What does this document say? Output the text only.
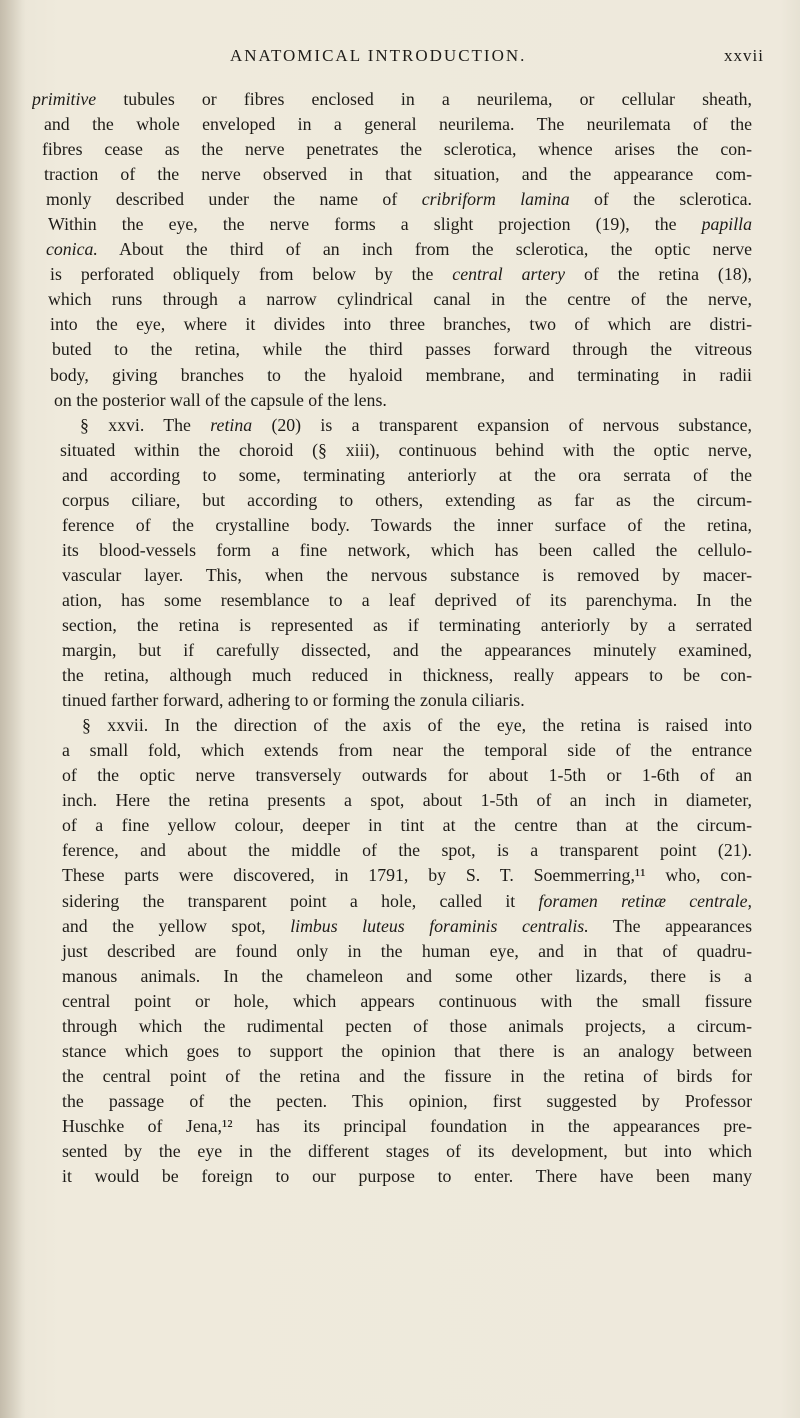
ANATOMICAL INTRODUCTION.	xxvii
primitive tubules or fibres enclosed in a neurilema, or cellular sheath,
and the whole enveloped in a general neurilema. The neurilemata of the
fibres cease as the nerve penetrates the sclerotica, whence arises the con-
traction of the nerve observed in that situation, and the appearance com-
monly described under the name of cribriform lamina of the sclerotica.
Within the eye, the nerve forms a slight projection (19), the papilla
conica. About the third of an inch from the sclerotica, the optic nerve
is perforated obliquely from below by the central artery of the retina (18),
which runs through a narrow cylindrical canal in the centre of the nerve,
into the eye, where it divides into three branches, two of which are distri-
buted to the retina, while the third passes forward through the vitreous
body, giving branches to the hyaloid membrane, and terminating in radii
on the posterior wall of the capsule of the lens.
§ xxvi. The retina (20) is a transparent expansion of nervous substance,
situated within the choroid (§ xiii), continuous behind with the optic nerve,
and according to some, terminating anteriorly at the ora serrata of the
corpus ciliare, but according to others, extending as far as the circum-
ference of the crystalline body. Towards the inner surface of the retina,
its blood-vessels form a fine network, which has been called the cellulo-
vascular layer. This, when the nervous substance is removed by macer-
ation, has some resemblance to a leaf deprived of its parenchyma. In the
section, the retina is represented as if terminating anteriorly by a serrated
margin, but if carefully dissected, and the appearances minutely examined,
the retina, although much reduced in thickness, really appears to be con-
tinued farther forward, adhering to or forming the zonula ciliaris.
§ xxvii. In the direction of the axis of the eye, the retina is raised into
a small fold, which extends from near the temporal side of the entrance
of the optic nerve transversely outwards for about 1-5th or 1-6th of an
inch. Here the retina presents a spot, about 1-5th of an inch in diameter,
of a fine yellow colour, deeper in tint at the centre than at the circum-
ference, and about the middle of the spot, is a transparent point (21).
These parts were discovered, in 1791, by S. T. Soemmerring,¹¹ who, con-
sidering the transparent point a hole, called it foramen retinæ centrale,
and the yellow spot, limbus luteus foraminis centralis. The appearances
just described are found only in the human eye, and in that of quadru-
manous animals. In the chameleon and some other lizards, there is a
central point or hole, which appears continuous with the small fissure
through which the rudimental pecten of those animals projects, a circum-
stance which goes to support the opinion that there is an analogy between
the central point of the retina and the fissure in the retina of birds for
the passage of the pecten. This opinion, first suggested by Professor
Huschke of Jena,¹² has its principal foundation in the appearances pre-
sented by the eye in the different stages of its development, but into which
it would be foreign to our purpose to enter. There have been many
